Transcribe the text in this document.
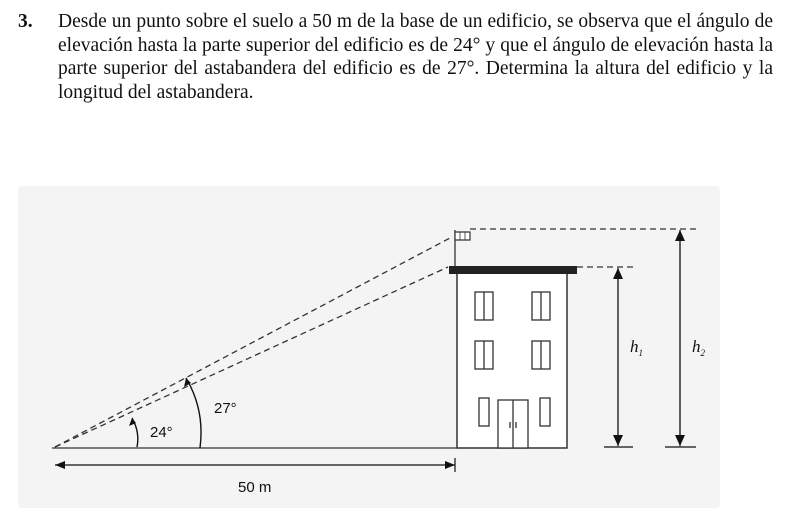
3. Desde un punto sobre el suelo a 50 m de la base de un edificio, se observa que el ángulo de elevación hasta la parte superior del edificio es de 24° y que el ángulo de elevación hasta la parte superior del astabandera del edificio es de 27°. Determina la altura del edificio y la longitud del astabandera.
24°
27°
50 m
$h_1$	$h_2$
